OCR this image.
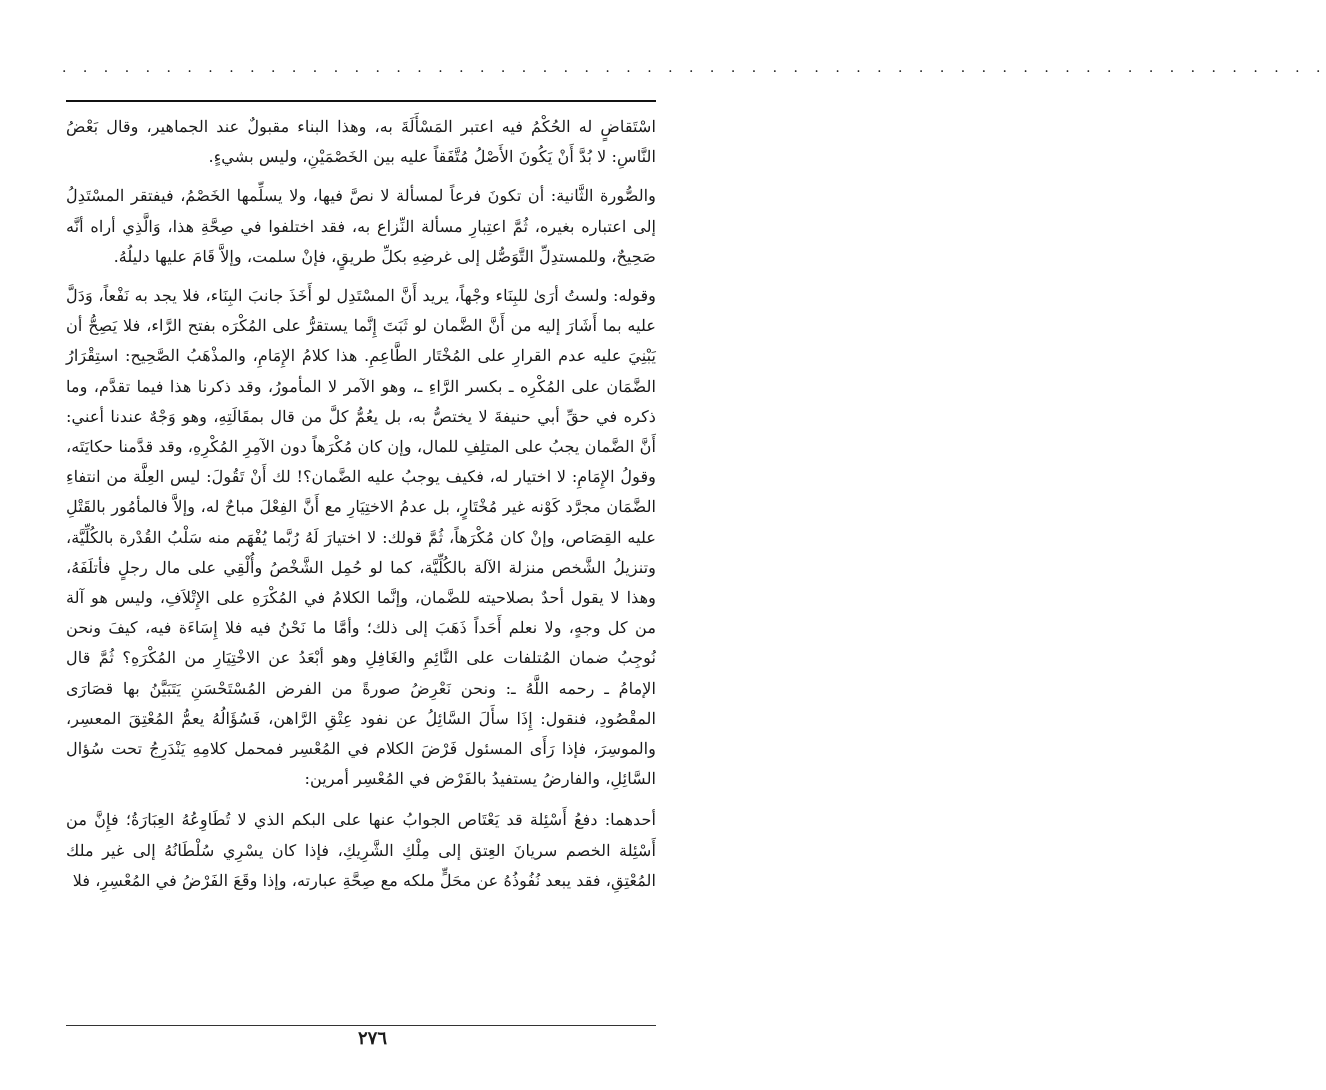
· · · · · · · · · · · · · · · · · · · · · · · · · · · · · · · · · · · · · · · · · · · · · · · · · · · · · · · · · · · · ·

اسْتَقاضٍ له الحُكْمُ فيه اعتبر المَسْأَلَةَ به، وهذا البناء مقبولٌ عند الجماهير، وقال بَعْضُ النَّاسِ: لا بُدَّ أَنْ يَكُونَ الأَصْلُ مُتَّفَقاً عليه بين الخَصْمَيْنِ، وليس بشيءٍ.

والصُّورة الثَّانية: أن تكونَ فرعاً لمسألة لا نصَّ فيها، ولا يسلِّمها الخَصْمُ، فيفتقر المسْتَدِلُ إلى اعتباره بغيره، ثُمَّ اعتِبارِ مسألة النِّزاع به، فقد اختلفوا في صِحَّةِ هذا، وَالَّذِي أراه أنَّه صَحِيحٌ، وللمستدِلِّ التَّوَصُّل إلى غرضِهِ بكلِّ طريقٍ، فإنْ سلمت، وإلاَّ قَامَ عليها دليلُهُ.

وقوله: ولستُ أرَىٰ للبِنَاء وجْهاً، يريد أَنَّ المسْتَدِل لو أَخَذَ جانبَ البِنَاء، فلا يجد به نَفْعاً، وَدَلَّ عليه بما أَشَارَ إليه من أَنَّ الضَّمان لو ثَبَتَ إِنَّما يستقرُّ على المُكْرَه بفتح الرَّاء، فلا يَصِحُّ أن يَبْنِيَ عليه عدم القرارِ على المُخْتَار الطَّاعِمِ. هذا كلامُ الإِمَامِ، والمذْهَبُ الصَّحِيح: استِقْرَارُ الضَّمَان على المُكْرِه ـ بكسر الرَّاءِ ـ، وهو الآمر لا المأمورُ، وقد ذكرنا هذا فيما تقدَّم، وما ذكره في حقِّ أبي حنيفةَ لا يختصُّ به، بل يعُمُّ كلَّ من قال بمقَالَتِهِ، وهو وَجْهٌ عندنا أعني: أَنَّ الضَّمان يجبُ على المتلِفِ للمال، وإن كان مُكْرَهاً دون الآمِرِ المُكْرِهِ، وقد قدَّمنا حكايَتَه، وقولُ الإِمَامِ: لا اختيار له، فكيف يوجبُ عليه الضَّمان؟! لك أَنْ تَقُولَ: ليس العِلَّة من انتفاءِ الضَّمَان مجرَّد كَوْنه غير مُخْتَارٍ، بل عدمُ الاختِيَارِ مع أَنَّ الفِعْلَ مباحٌ له، وإلاَّ فالمأمُور بالقَتْلِ عليه القِصَاص، وإنْ كان مُكْرَهاً، ثُمَّ قولك: لا اختيارَ لَهُ رُبَّما يُفْهَم منه سَلْبُ القُدْرة بالكُلِّيَّة، وتنزيلُ الشَّخص منزلة الآلة بالكُلِّيَّة، كما لو حُمِل الشَّخْصُ وأُلْقِي على مال رجلٍ فأتلَفَهُ، وهذا لا يقول أحدٌ بصلاحيته للضَّمان، وإنَّما الكلامُ في المُكْرَهِ على الإِتْلاَفِ، وليس هو آلة من كل وجهٍ، ولا نعلم أَحَداً ذَهَبَ إلى ذلك؛ وأمَّا ما نَحْنُ فيه فلا إِسَاءَة فيه، كيفَ ونحن نُوجِبُ ضمان المُتلفات على النَّائِمِ والغَافِلِ وهو أبْعَدُ عن الاخْتِيَارِ من المُكْرَهِ؟ ثُمَّ قال الإمامُ ـ رحمه اللَّهُ ـ: ونحن نَعْرِضُ صورةً من الفرض المُسْتَحْسَنِ يَتَبَيَّنُ بها قصَارَى المقْصُودِ، فنقول: إِذَا سأَلَ السَّائِلُ عن نفود عِتْقِ الرَّاهن، فَسُؤَالُهُ يعمُّ المُعْتِقَ المعسِر، والموسِرَ، فإذا رَأَى المسئول فَرْضَ الكلام في المُعْسِر فمحمل كلامِهِ يَنْدَرِجُ تحت سُؤال السَّائِلِ، والفارضُ يستفيدُ بالفَرْض في المُعْسِر أمرين:

أحدهما: دفعُ أَسْئِلة قد يَعْتَاص الجوابُ عنها على البكم الذي لا تُطَاوِعُهُ العِبَارَةُ؛ فإِنَّ من أَسْئِلة الخصم سريانَ العِتق إلى مِلْكِ الشَّرِيكِ، فإذا كان يسْرِي سُلْطَانُهُ إلى غير ملك المُعْتِقِ، فقد يبعد نُفُوذُهُ عن محَلٍّ ملكه مع صِحَّةِ عبارته، وإذا وقَعَ الفَرْضُ في المُعْسِرِ، فلا

٢٧٦
